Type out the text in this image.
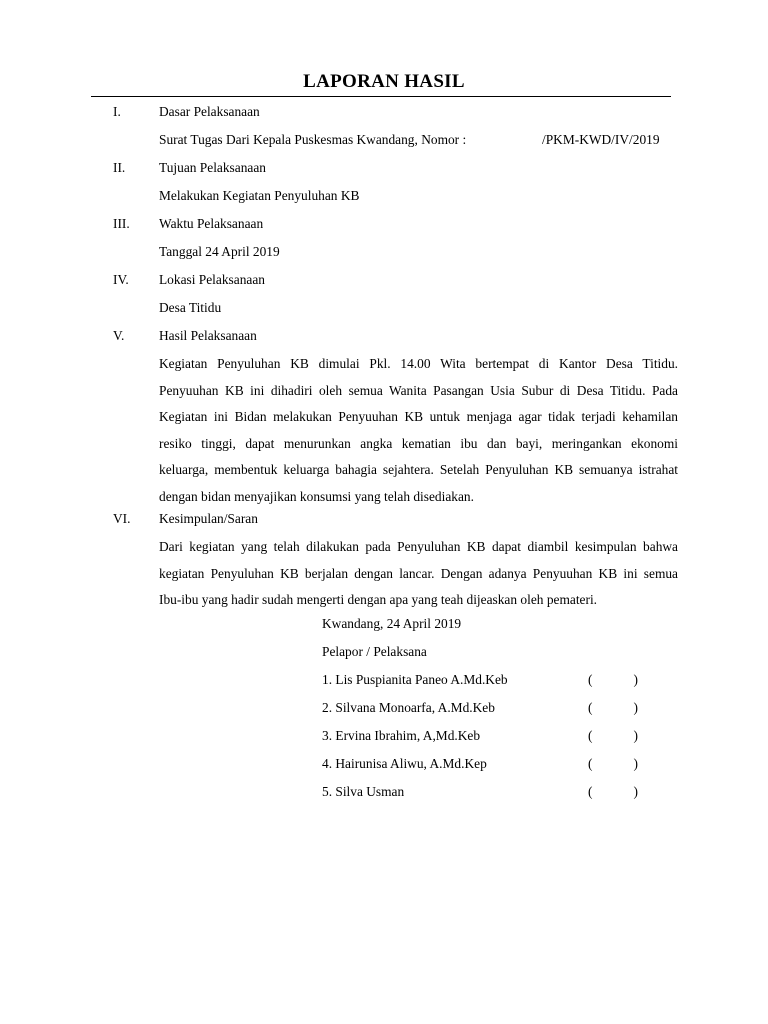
LAPORAN HASIL
I.	Dasar Pelaksanaan
Surat Tugas Dari Kepala Puskesmas Kwandang, Nomor :	/PKM-KWD/IV/2019
II.	Tujuan Pelaksanaan
Melakukan Kegiatan Penyuluhan KB
III. Waktu Pelaksanaan
Tanggal 24 April 2019
IV. Lokasi Pelaksanaan
Desa Titidu
V.	Hasil Pelaksanaan
Kegiatan Penyuluhan KB dimulai Pkl. 14.00 Wita bertempat di Kantor Desa Titidu.
Penyuuhan KB ini dihadiri oleh semua Wanita Pasangan Usia Subur di Desa Titidu. Pada
Kegiatan ini Bidan melakukan Penyuuhan KB untuk menjaga agar tidak terjadi kehamilan
resiko tinggi, dapat menurunkan angka kematian ibu dan bayi, meringankan ekonomi
keluarga, membentuk keluarga bahagia sejahtera. Setelah Penyuluhan KB semuanya istrahat
dengan bidan menyajikan konsumsi yang telah disediakan.
VI. Kesimpulan/Saran
Dari kegiatan yang telah dilakukan pada Penyuluhan KB dapat diambil kesimpulan bahwa
kegiatan Penyuluhan KB berjalan dengan lancar. Dengan adanya Penyuuhan KB ini semua
Ibu-ibu yang hadir sudah mengerti dengan apa yang teah dijeaskan oleh pemateri.
Kwandang, 24 April 2019
Pelapor / Pelaksana
1. Lis Puspianita Paneo A.Md.Keb	(	)
2. Silvana Monoarfa, A.Md.Keb	(	)
3. Ervina Ibrahim, A,Md.Keb	(	)
4. Hairunisa Aliwu, A.Md.Kep	(	)
5. Silva Usman	(	)
